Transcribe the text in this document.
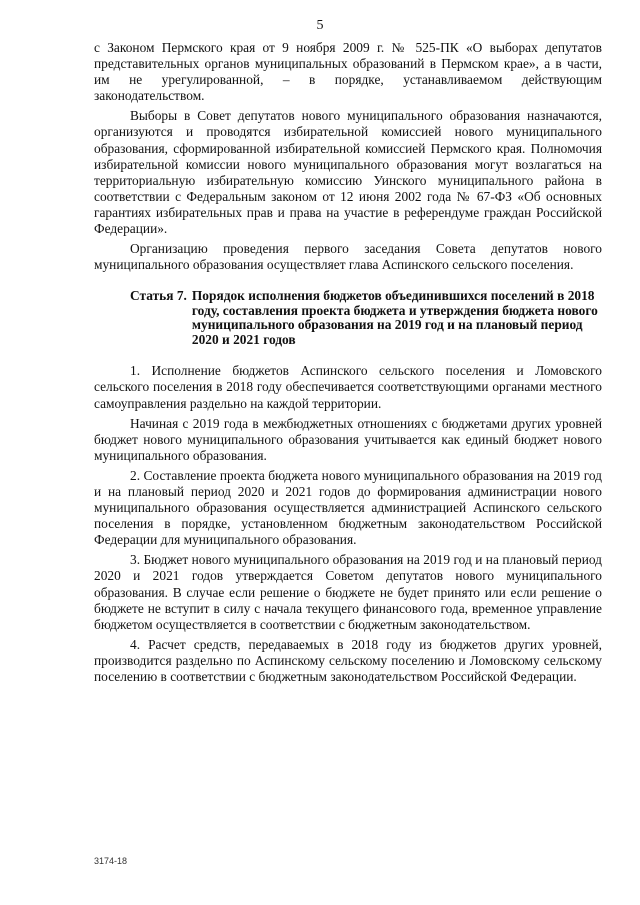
5

с Законом Пермского края от 9 ноября 2009 г. № 525-ПК «О выборах депутатов представительных органов муниципальных образований в Пермском крае», а в части, им не урегулированной, – в порядке, устанавливаемом действующим законодательством.

Выборы в Совет депутатов нового муниципального образования назначаются, организуются и проводятся избирательной комиссией нового муниципального образования, сформированной избирательной комиссией Пермского края. Полномочия избирательной комиссии нового муниципального образования могут возлагаться на территориальную избирательную комиссию Уинского муниципального района в соответствии с Федеральным законом от 12 июня 2002 года № 67-ФЗ «Об основных гарантиях избирательных прав и права на участие в референдуме граждан Российской Федерации».

Организацию проведения первого заседания Совета депутатов нового муниципального образования осуществляет глава Аспинского сельского поселения.

Статья 7. Порядок исполнения бюджетов объединившихся поселений в 2018 году, составления проекта бюджета и утверждения бюджета нового муниципального образования на 2019 год и на плановый период 2020 и 2021 годов

1. Исполнение бюджетов Аспинского сельского поселения и Ломовского сельского поселения в 2018 году обеспечивается соответствующими органами местного самоуправления раздельно на каждой территории.

Начиная с 2019 года в межбюджетных отношениях с бюджетами других уровней бюджет нового муниципального образования учитывается как единый бюджет нового муниципального образования.

2. Составление проекта бюджета нового муниципального образования на 2019 год и на плановый период 2020 и 2021 годов до формирования администрации нового муниципального образования осуществляется администрацией Аспинского сельского поселения в порядке, установленном бюджетным законодательством Российской Федерации для муниципального образования.

3. Бюджет нового муниципального образования на 2019 год и на плановый период 2020 и 2021 годов утверждается Советом депутатов нового муниципального образования. В случае если решение о бюджете не будет принято или если решение о бюджете не вступит в силу с начала текущего финансового года, временное управление бюджетом осуществляется в соответствии с бюджетным законодательством.

4. Расчет средств, передаваемых в 2018 году из бюджетов других уровней, производится раздельно по Аспинскому сельскому поселению и Ломовскому сельскому поселению в соответствии с бюджетным законодательством Российской Федерации.

3174-18
